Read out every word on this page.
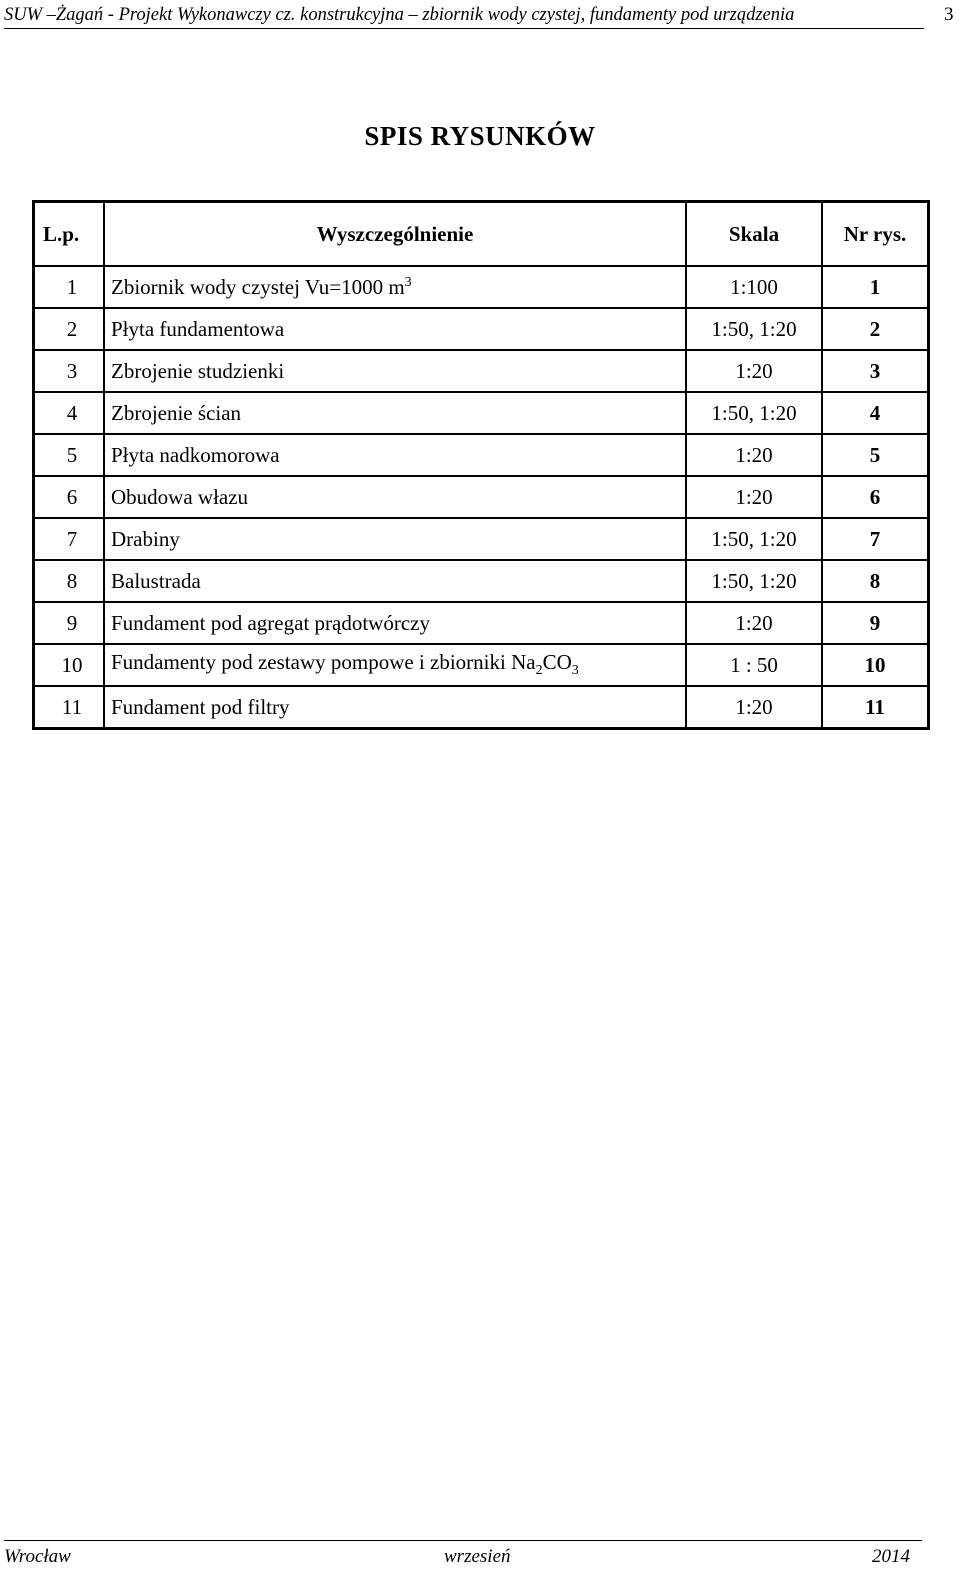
SUW –Żagań - Projekt Wykonawczy cz. konstrukcyjna – zbiornik wody czystej, fundamenty pod urządzenia	3
SPIS RYSUNKÓW
L.p.	Wyszczególnienie	Skala	Nr rys.
1	Zbiornik wody czystej Vu=1000 $m^3$	1:100	1
2	Płyta fundamentowa	1:50, 1:20	2
3	Zbrojenie studzienki	1:20	3
4	Zbrojenie ścian	1:50, 1:20	4
5	Płyta nadkomorowa	1:20	5
6	Obudowa włazu	1:20	6
7	Drabiny	1:50, 1:20	7
8	Balustrada	1:50, 1:20	8
9	Fundament pod agregat prądotwórczy	1:20	9
10	Fundamenty pod zestawy pompowe i zbiorniki $Na_2CO_3$	1 : 50	10
11	Fundament pod filtry	1:20	11
Wrocław	wrzesień	2014
